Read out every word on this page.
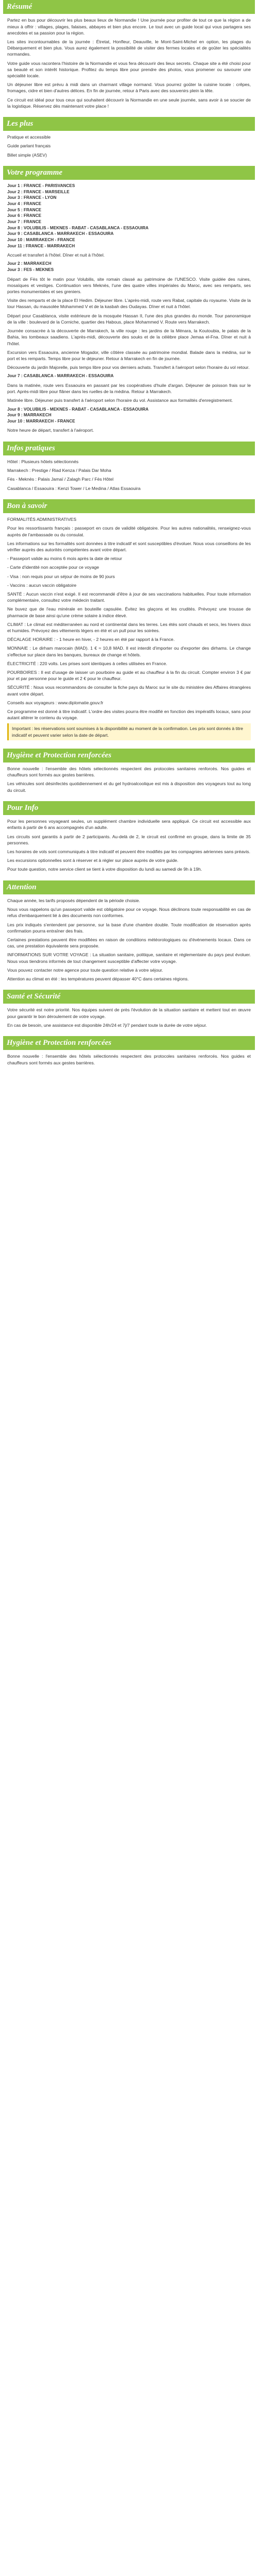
Résumé

Partez en bus pour découvrir les plus beaux lieux de Normandie ! Une journée pour profiter de tout ce que la région a de mieux à offrir : villages, plages, falaises, abbayes et bien plus encore. Le tout avec un guide local qui vous partagera ses anecdotes et sa passion pour la région.

Les sites incontournables de la journée : Étretat, Honfleur, Deauville, le Mont-Saint-Michel en option, les plages du Débarquement et bien plus. Vous aurez également la possibilité de visiter des fermes locales et de goûter les spécialités normandes.

Votre guide vous racontera l'histoire de la Normandie et vous fera découvrir des lieux secrets. Chaque site a été choisi pour sa beauté et son intérêt historique. Profitez du temps libre pour prendre des photos, vous promener ou savourer une spécialité locale.

Un déjeuner libre est prévu à midi dans un charmant village normand. Vous pourrez goûter la cuisine locale : crêpes, fromages, cidre et bien d'autres délices. En fin de journée, retour à Paris avec des souvenirs plein la tête.

Ce circuit est idéal pour tous ceux qui souhaitent découvrir la Normandie en une seule journée, sans avoir à se soucier de la logistique. Réservez dès maintenant votre place !

Les plus

Pratique et accessible

Guide parlant français

Billet simple (ASEV)

Votre programme
Jour 1 : FRANCE - PARISVANCES
Jour 2 : FRANCE - MARSEILLE
Jour 3 : FRANCE - LYON
Jour 4 : FRANCE
Jour 5 : FRANCE
Jour 6 : FRANCE
Jour 7 : FRANCE
Jour 8 : VOLUBILIS - MEKNES - RABAT - CASABLANCA - ESSAOUIRA
Jour 9 : CASABLANCA - MARRAKECH - ESSAOUIRA
Jour 10 : MARRAKECH - FRANCE
Jour 11 : FRANCE - MARRAKECH

Accueil et transfert à l'hôtel. Dîner et nuit à l'hôtel.

Jour 2 : MARRAKECH
Jour 3 : FES - MEKNES

Départ de Fès tôt le matin pour Volubilis, site romain classé au patrimoine de l'UNESCO. Visite guidée des ruines, mosaïques et vestiges. Continuation vers Meknès, l'une des quatre villes impériales du Maroc, avec ses remparts, ses portes monumentales et ses greniers.

Visite des remparts et de la place El Hedim. Déjeuner libre. L'après-midi, route vers Rabat, capitale du royaume. Visite de la tour Hassan, du mausolée Mohammed V et de la kasbah des Oudayas. Dîner et nuit à l'hôtel.

Départ pour Casablanca, visite extérieure de la mosquée Hassan II, l'une des plus grandes du monde. Tour panoramique de la ville : boulevard de la Corniche, quartier des Habous, place Mohammed V. Route vers Marrakech.

Journée consacrée à la découverte de Marrakech, la ville rouge : les jardins de la Ménara, la Koutoubia, le palais de la Bahia, les tombeaux saadiens. L'après-midi, découverte des souks et de la célèbre place Jemaa el-Fna. Dîner et nuit à l'hôtel.

Excursion vers Essaouira, ancienne Mogador, ville côtière classée au patrimoine mondial. Balade dans la médina, sur le port et les remparts. Temps libre pour le déjeuner. Retour à Marrakech en fin de journée.

Découverte du jardin Majorelle, puis temps libre pour vos derniers achats. Transfert à l'aéroport selon l'horaire du vol retour.

Jour 7 : CASABLANCA - MARRAKECH - ESSAOUIRA

Dans la matinée, route vers Essaouira en passant par les coopératives d'huile d'argan. Déjeuner de poisson frais sur le port. Après-midi libre pour flâner dans les ruelles de la médina. Retour à Marrakech.

Matinée libre. Déjeuner puis transfert à l'aéroport selon l'horaire du vol. Assistance aux formalités d'enregistrement.

Jour 8 : VOLUBILIS - MEKNES - RABAT - CASABLANCA - ESSAOUIRA
Jour 9 : MARRAKECH
Jour 10 : MARRAKECH - FRANCE

Notre heure de départ, transfert à l'aéroport.

Infos pratiques

Hôtel : Plusieurs hôtels sélectionnés

Marrakech : Prestige / Riad Kenza / Palais Dar Moha

Fès - Meknès : Palais Jamaï / Zalagh Parc / Fès Hôtel

Casablanca / Essaouira : Kenzi Tower / Le Medina / Atlas Essaouira

Bon à savoir

FORMALITÉS ADMINISTRATIVES

Pour les ressortissants français : passeport en cours de validité obligatoire. Pour les autres nationalités, renseignez-vous auprès de l'ambassade ou du consulat.

Les informations sur les formalités sont données à titre indicatif et sont susceptibles d'évoluer. Nous vous conseillons de les vérifier auprès des autorités compétentes avant votre départ.

- Passeport valide au moins 6 mois après la date de retour

- Carte d'identité non acceptée pour ce voyage

- Visa : non requis pour un séjour de moins de 90 jours

- Vaccins : aucun vaccin obligatoire

SANTÉ : Aucun vaccin n'est exigé. Il est recommandé d'être à jour de ses vaccinations habituelles. Pour toute information complémentaire, consultez votre médecin traitant.

Ne buvez que de l'eau minérale en bouteille capsulée. Évitez les glaçons et les crudités. Prévoyez une trousse de pharmacie de base ainsi qu'une crème solaire à indice élevé.

CLIMAT : Le climat est méditerranéen au nord et continental dans les terres. Les étés sont chauds et secs, les hivers doux et humides. Prévoyez des vêtements légers en été et un pull pour les soirées.

DÉCALAGE HORAIRE : - 1 heure en hiver, - 2 heures en été par rapport à la France.

MONNAIE : Le dirham marocain (MAD). 1 € ≈ 10,8 MAD. Il est interdit d'importer ou d'exporter des dirhams. Le change s'effectue sur place dans les banques, bureaux de change et hôtels.

ÉLECTRICITÉ : 220 volts. Les prises sont identiques à celles utilisées en France.

POURBOIRES : Il est d'usage de laisser un pourboire au guide et au chauffeur à la fin du circuit. Compter environ 3 € par jour et par personne pour le guide et 2 € pour le chauffeur.

SÉCURITÉ : Nous vous recommandons de consulter la fiche pays du Maroc sur le site du ministère des Affaires étrangères avant votre départ.

Conseils aux voyageurs : www.diplomatie.gouv.fr

Ce programme est donné à titre indicatif. L'ordre des visites pourra être modifié en fonction des impératifs locaux, sans pour autant altérer le contenu du voyage.

Important : les réservations sont soumises à la disponibilité au moment de la confirmation. Les prix sont donnés à titre indicatif et peuvent varier selon la date de départ.
Hygiène et Protection renforcées

Bonne nouvelle : l'ensemble des hôtels sélectionnés respectent des protocoles sanitaires renforcés. Nos guides et chauffeurs sont formés aux gestes barrières.

Les véhicules sont désinfectés quotidiennement et du gel hydroalcoolique est mis à disposition des voyageurs tout au long du circuit.

Pour Info

Pour les personnes voyageant seules, un supplément chambre individuelle sera appliqué. Ce circuit est accessible aux enfants à partir de 6 ans accompagnés d'un adulte.

Les circuits sont garantis à partir de 2 participants. Au-delà de 2, le circuit est confirmé en groupe, dans la limite de 35 personnes.

Les horaires de vols sont communiqués à titre indicatif et peuvent être modifiés par les compagnies aériennes sans préavis.

Les excursions optionnelles sont à réserver et à régler sur place auprès de votre guide.

Pour toute question, notre service client se tient à votre disposition du lundi au samedi de 9h à 19h.

Attention

Chaque année, les tarifs proposés dépendent de la période choisie.

Nous vous rappelons qu'un passeport valide est obligatoire pour ce voyage. Nous déclinons toute responsabilité en cas de refus d'embarquement lié à des documents non conformes.

Les prix indiqués s'entendent par personne, sur la base d'une chambre double. Toute modification de réservation après confirmation pourra entraîner des frais.

Certaines prestations peuvent être modifiées en raison de conditions météorologiques ou d'événements locaux. Dans ce cas, une prestation équivalente sera proposée.

INFORMATIONS SUR VOTRE VOYAGE : La situation sanitaire, politique, sanitaire et réglementaire du pays peut évoluer. Nous vous tiendrons informés de tout changement susceptible d'affecter votre voyage.

Vous pouvez contacter notre agence pour toute question relative à votre séjour.

Attention au climat en été : les températures peuvent dépasser 40°C dans certaines régions.

Santé et Sécurité

Votre sécurité est notre priorité. Nos équipes suivent de près l'évolution de la situation sanitaire et mettent tout en œuvre pour garantir le bon déroulement de votre voyage.

En cas de besoin, une assistance est disponible 24h/24 et 7j/7 pendant toute la durée de votre séjour.

Hygiène et Protection renforcées

Bonne nouvelle : l'ensemble des hôtels sélectionnés respectent des protocoles sanitaires renforcés. Nos guides et chauffeurs sont formés aux gestes barrières.
